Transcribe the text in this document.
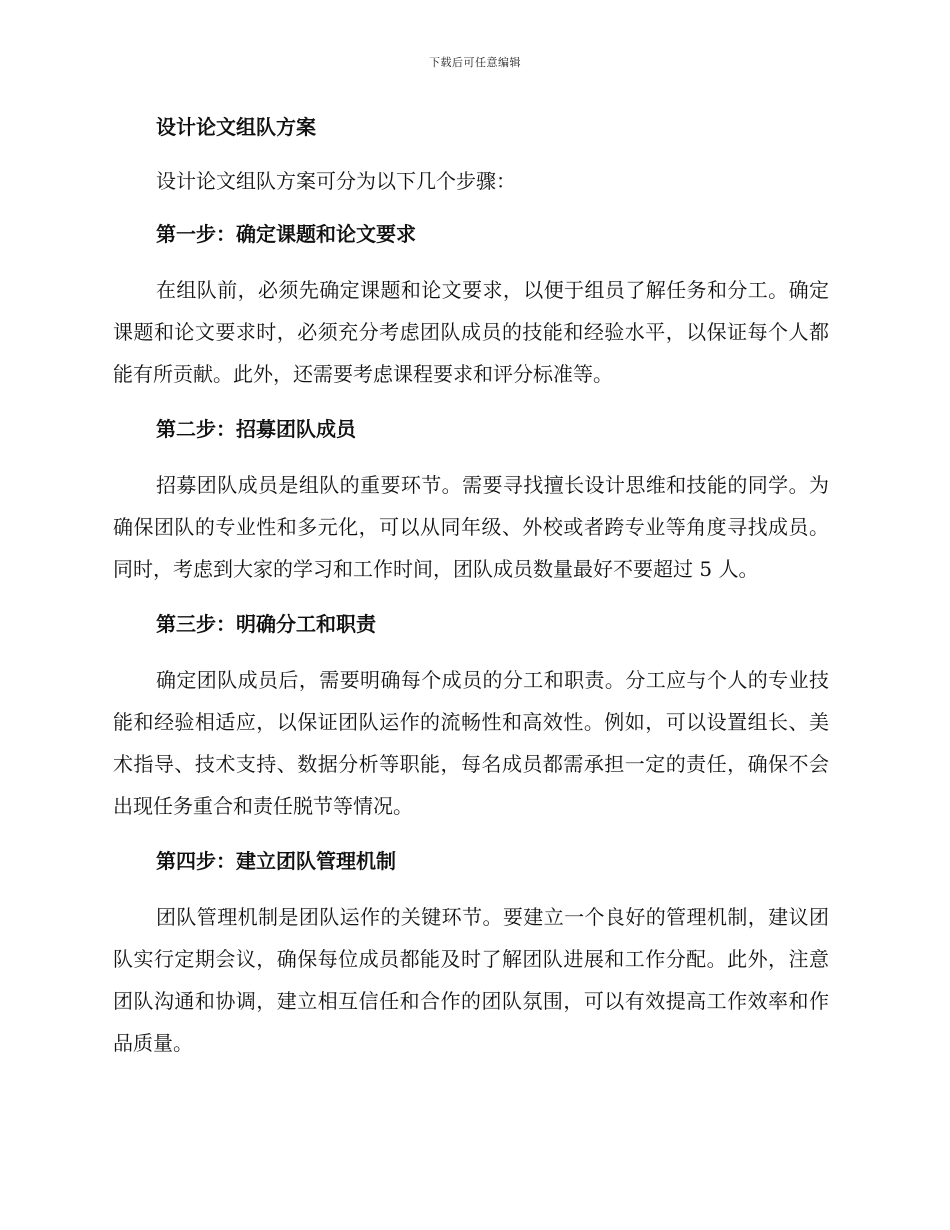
下载后可任意编辑
设计论文组队方案

设计论文组队方案可分为以下几个步骤：

第一步：确定课题和论文要求

在组队前，必须先确定课题和论文要求，以便于组员了解任务和分工。确定课题和论文要求时，必须充分考虑团队成员的技能和经验水平，以保证每个人都能有所贡献。此外，还需要考虑课程要求和评分标准等。

第二步：招募团队成员

招募团队成员是组队的重要环节。需要寻找擅长设计思维和技能的同学。为确保团队的专业性和多元化，可以从同年级、外校或者跨专业等角度寻找成员。同时，考虑到大家的学习和工作时间，团队成员数量最好不要超过 5 人。

第三步：明确分工和职责

确定团队成员后，需要明确每个成员的分工和职责。分工应与个人的专业技能和经验相适应，以保证团队运作的流畅性和高效性。例如，可以设置组长、美术指导、技术支持、数据分析等职能，每名成员都需承担一定的责任，确保不会出现任务重合和责任脱节等情况。

第四步：建立团队管理机制

团队管理机制是团队运作的关键环节。要建立一个良好的管理机制，建议团队实行定期会议，确保每位成员都能及时了解团队进展和工作分配。此外，注意团队沟通和协调，建立相互信任和合作的团队氛围，可以有效提高工作效率和作品质量。
